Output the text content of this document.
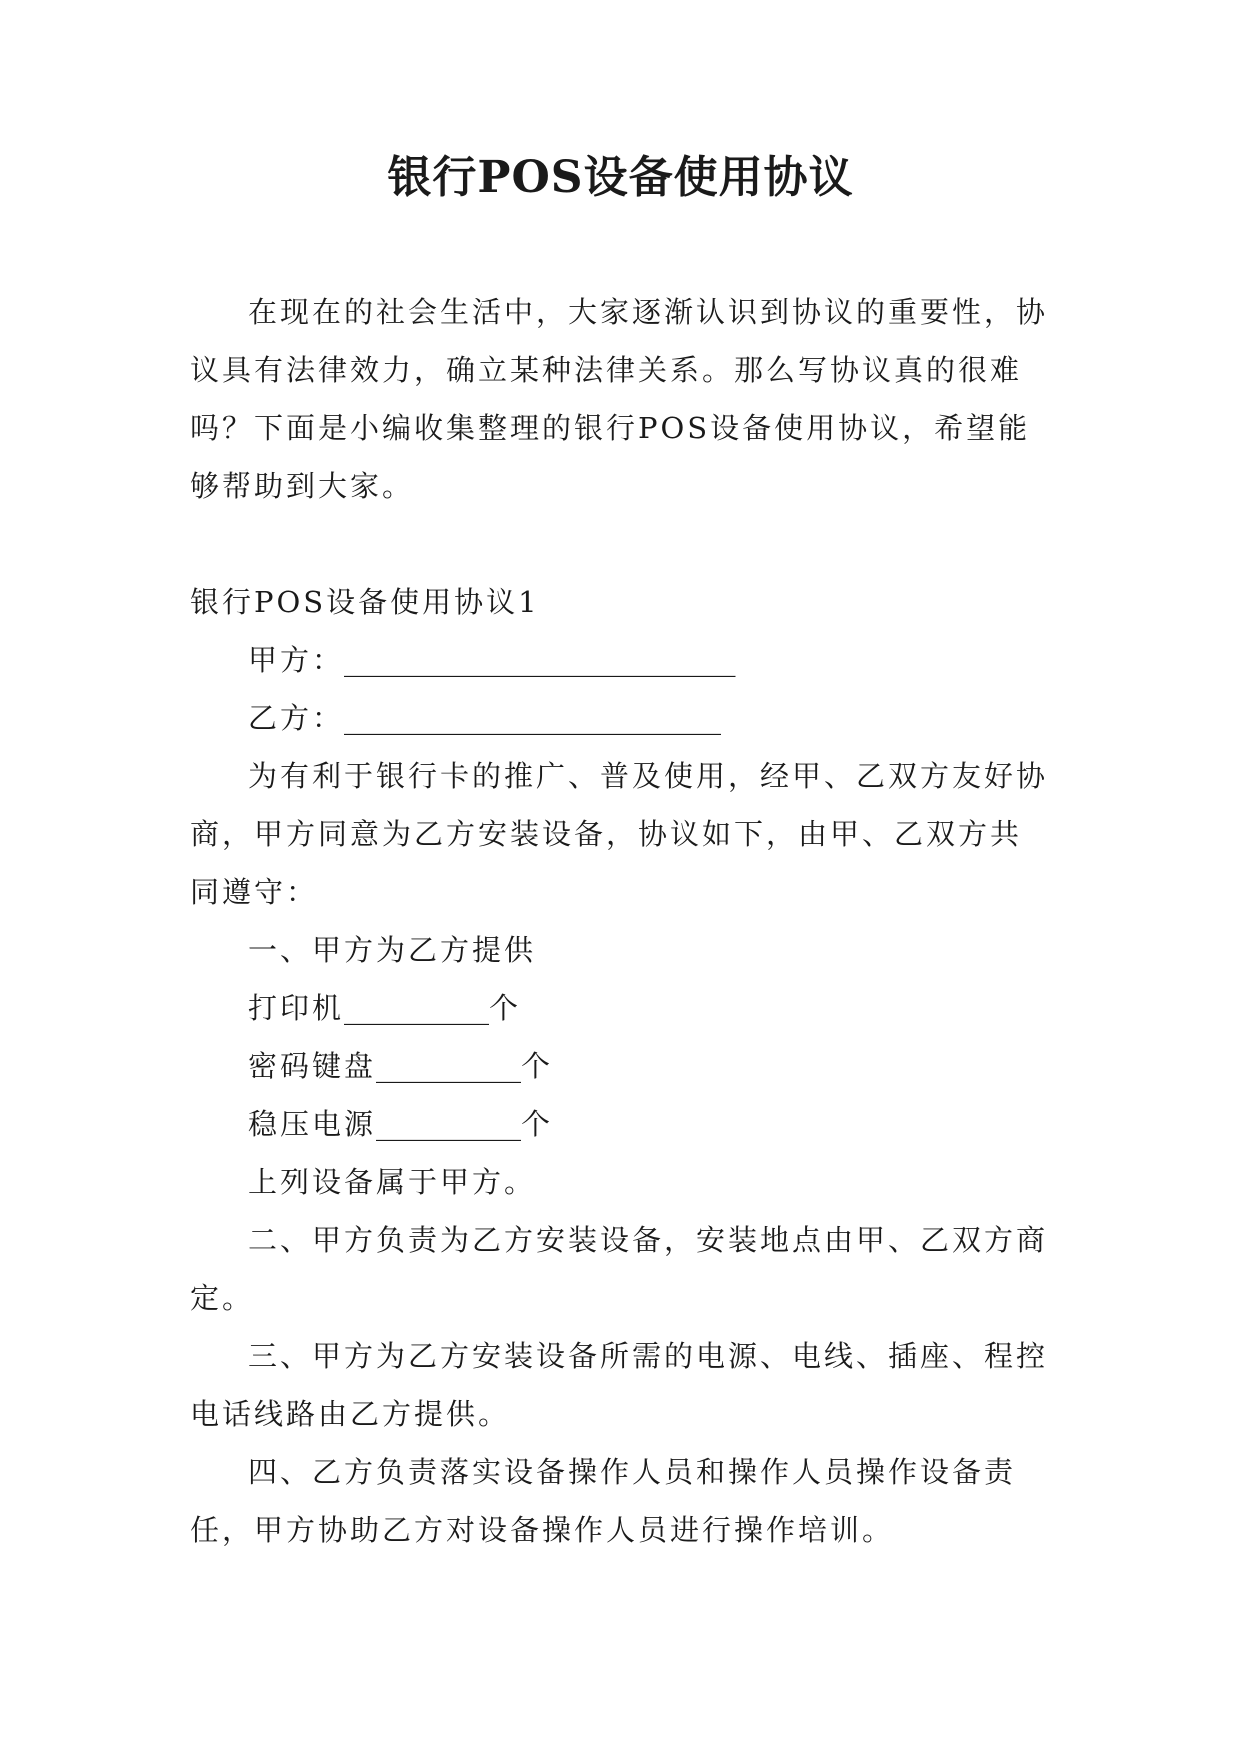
银行POS设备使用协议

在现在的社会生活中，大家逐渐认识到协议的重要性，协议具有法律效力，确立某种法律关系。那么写协议真的很难吗？下面是小编收集整理的银行POS设备使用协议，希望能够帮助到大家。

银行POS设备使用协议1

甲方：___________________________

乙方：__________________________

为有利于银行卡的推广、普及使用，经甲、乙双方友好协商，甲方同意为乙方安装设备，协议如下，由甲、乙双方共同遵守：

一、甲方为乙方提供

打印机__________个

密码键盘__________个

稳压电源__________个

上列设备属于甲方。

二、甲方负责为乙方安装设备，安装地点由甲、乙双方商定。

三、甲方为乙方安装设备所需的电源、电线、插座、程控电话线路由乙方提供。

四、乙方负责落实设备操作人员和操作人员操作设备责任，甲方协助乙方对设备操作人员进行操作培训。
